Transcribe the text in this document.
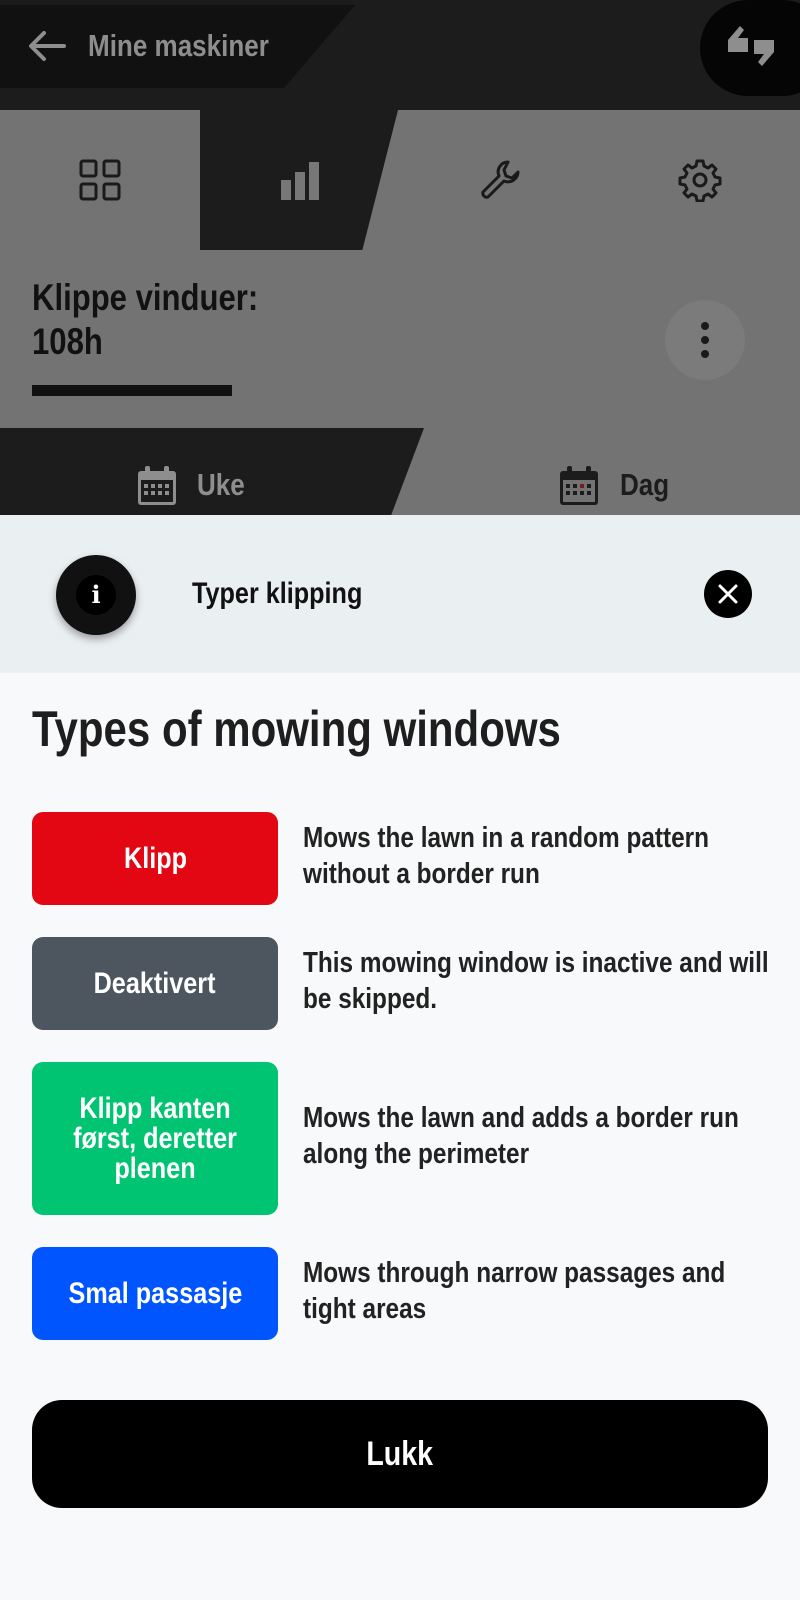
Mine maskiner
Klippe vinduer:
108h
Uke	Dag
i	Typer klipping
Types of mowing windows
Klipp
Mows the lawn in a random pattern without a border run
Deaktivert
This mowing window is inactive and will be skipped.
Klipp kanten først, deretter plenen
Mows the lawn and adds a border run along the perimeter
Smal passasje
Mows through narrow passages and tight areas
Lukk
